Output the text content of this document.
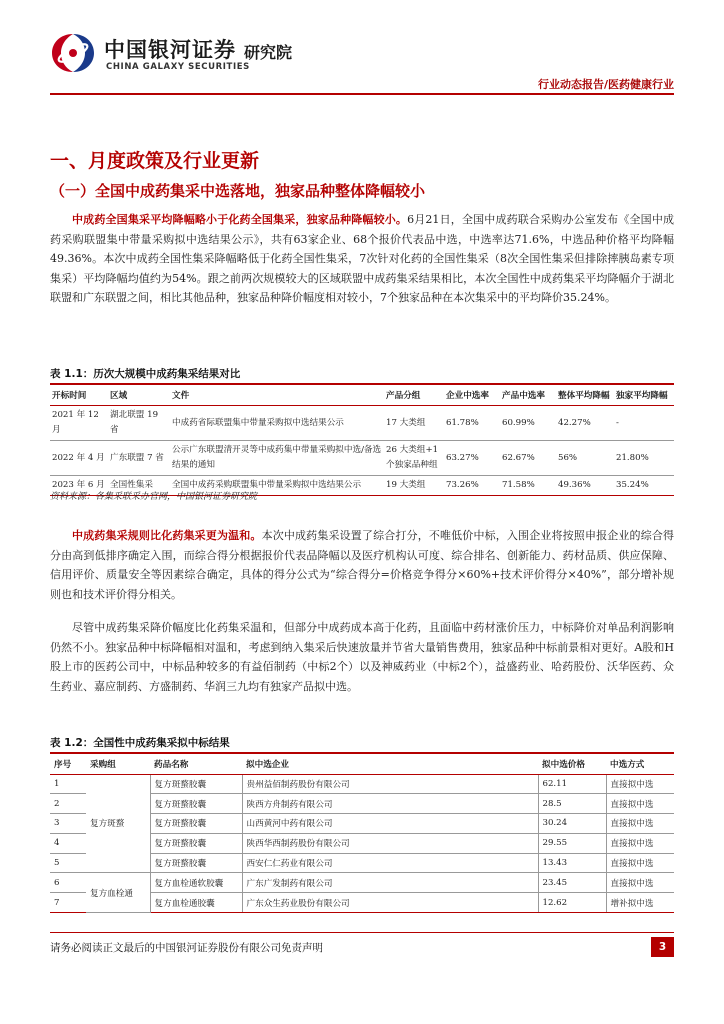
中国银河证券 研究院
CHINA GALAXY SECURITIES
行业动态报告/医药健康行业
一、月度政策及行业更新
（一）全国中成药集采中选落地，独家品种整体降幅较小
中成药全国集采平均降幅略小于化药全国集采，独家品种降幅较小。6月21日，全国中成药联合采购办公室发布《全国中成药采购联盟集中带量采购拟中选结果公示》，共有63家企业、68个报价代表品中选，中选率达71.6%，中选品种价格平均降幅49.36%。本次中成药全国性集采降幅略低于化药全国性集采，7次针对化药的全国性集采（8次全国性集采但排除摔胰岛素专项集采）平均降幅均值约为54%。跟之前两次规模较大的区域联盟中成药集采结果相比，本次全国性中成药集采平均降幅介于湖北联盟和广东联盟之间，相比其他品种，独家品种降价幅度相对较小，7个独家品种在本次集采中的平均降价35.24%。
表 1.1：历次大规模中成药集采结果对比
开标时间	区域	文件	产品分组	企业中选率	产品中选率	整体平均降幅	独家平均降幅
2021 年 12 月	湖北联盟 19 省	中成药省际联盟集中带量采购拟中选结果公示	17 大类组	61.78%	60.99%	42.27%	-
2022 年 4 月	广东联盟 7 省	公示广东联盟清开灵等中成药集中带量采购拟中选/备选结果的通知	26 大类组+1 个独家品种组	63.27%	62.67%	56%	21.80%
2023 年 6 月	全国性集采	全国中成药采购联盟集中带量采购拟中选结果公示	19 大类组	73.26%	71.58%	49.36%	35.24%
资料来源：各集采联采办官网，中国银河证券研究院
中成药集采规则比化药集采更为温和。本次中成药集采设置了综合打分，不唯低价中标，入围企业将按照申报企业的综合得分由高到低排序确定入围，而综合得分根据报价代表品降幅以及医疗机构认可度、综合排名、创新能力、药材品质、供应保障、信用评价、质量安全等因素综合确定，具体的得分公式为“综合得分=价格竞争得分×60%+技术评价得分×40%”，部分增补规则也和技术评价得分相关。
尽管中成药集采降价幅度比化药集采温和，但部分中成药成本高于化药，且面临中药材涨价压力，中标降价对单品利润影响仍然不小。独家品种中标降幅相对温和，考虑到纳入集采后快速放量并节省大量销售费用，独家品种中标前景相对更好。A股和H股上市的医药公司中，中标品种较多的有益佰制药（中标2个）以及神威药业（中标2个），益盛药业、哈药股份、沃华医药、众生药业、嘉应制药、方盛制药、华润三九均有独家产品拟中选。
表 1.2：全国性中成药集采拟中标结果
序号	采购组	药品名称	拟中选企业	拟中选价格	中选方式
1	复方斑蝥	复方斑蝥胶囊	贵州益佰制药股份有限公司	62.11	直接拟中选
2		复方斑蝥胶囊	陕西方舟制药有限公司	28.5	直接拟中选
3		复方斑蝥胶囊	山西黄河中药有限公司	30.24	直接拟中选
4		复方斑蝥胶囊	陕西华西制药股份有限公司	29.55	直接拟中选
5		复方斑蝥胶囊	西安仁仁药业有限公司	13.43	直接拟中选
6	复方血栓通	复方血栓通软胶囊	广东广发制药有限公司	23.45	直接拟中选
7		复方血栓通胶囊	广东众生药业股份有限公司	12.62	增补拟中选
请务必阅读正文最后的中国银河证券股份有限公司免责声明	3
